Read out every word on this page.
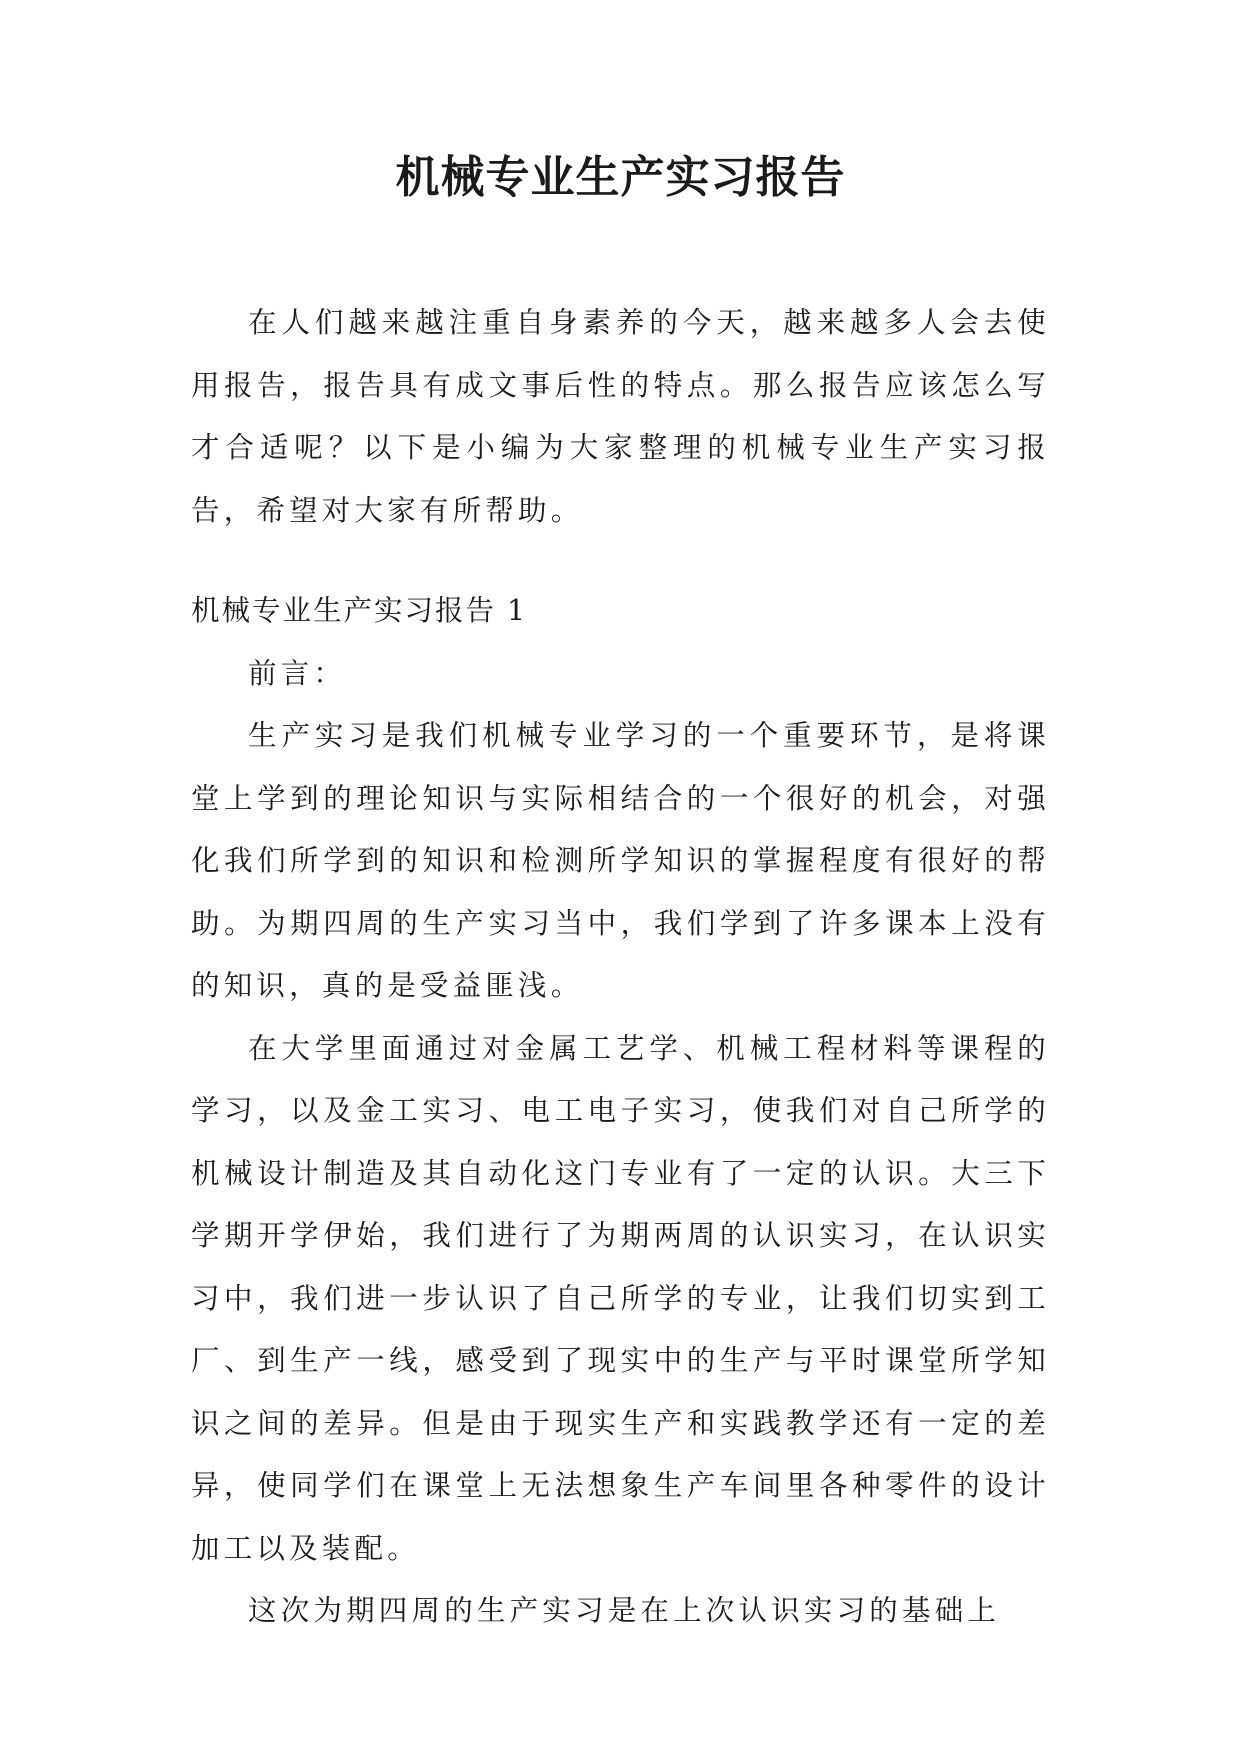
机械专业生产实习报告

在人们越来越注重自身素养的今天，越来越多人会去使用报告，报告具有成文事后性的特点。那么报告应该怎么写才合适呢？以下是小编为大家整理的机械专业生产实习报告，希望对大家有所帮助。

机械专业生产实习报告 1

前言：

生产实习是我们机械专业学习的一个重要环节，是将课堂上学到的理论知识与实际相结合的一个很好的机会，对强化我们所学到的知识和检测所学知识的掌握程度有很好的帮助。为期四周的生产实习当中，我们学到了许多课本上没有的知识，真的是受益匪浅。

在大学里面通过对金属工艺学、机械工程材料等课程的学习，以及金工实习、电工电子实习，使我们对自己所学的机械设计制造及其自动化这门专业有了一定的认识。大三下学期开学伊始，我们进行了为期两周的认识实习，在认识实习中，我们进一步认识了自己所学的专业，让我们切实到工厂、到生产一线，感受到了现实中的生产与平时课堂所学知识之间的差异。但是由于现实生产和实践教学还有一定的差异，使同学们在课堂上无法想象生产车间里各种零件的设计加工以及装配。

这次为期四周的生产实习是在上次认识实习的基础上
